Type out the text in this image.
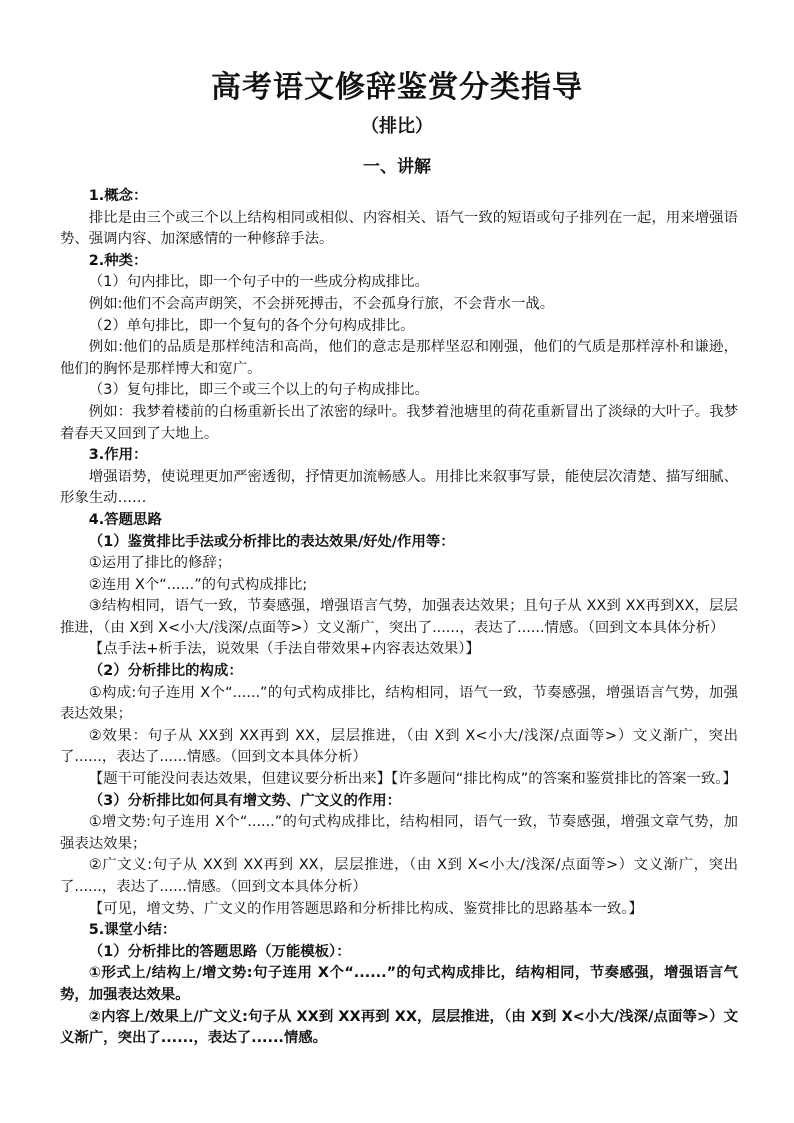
高考语文修辞鉴赏分类指导
（排比）
一、讲解

1.概念：

排比是由三个或三个以上结构相同或相似、内容相关、语气一致的短语或句子排列在一起，用来增强语势、强调内容、加深感情的一种修辞手法。

2.种类：

（1）句内排比，即一个句子中的一些成分构成排比。

例如:他们不会高声朗笑，不会拼死搏击，不会孤身行旅，不会背水一战。

（2）单句排比，即一个复句的各个分句构成排比。

例如:他们的品质是那样纯洁和高尚，他们的意志是那样坚忍和刚强，他们的气质是那样淳朴和谦逊，他们的胸怀是那样博大和宽广。

（3）复句排比，即三个或三个以上的句子构成排比。

例如：我梦着楼前的白杨重新长出了浓密的绿叶。我梦着池塘里的荷花重新冒出了淡绿的大叶子。我梦着春天又回到了大地上。

3.作用：

增强语势，使说理更加严密透彻，抒情更加流畅感人。用排比来叙事写景，能使层次清楚、描写细腻、形象生动……

4.答题思路

（1）鉴赏排比手法或分析排比的表达效果/好处/作用等：

①运用了排比的修辞；

②连用 X个“......”的句式构成排比;

③结构相同，语气一致，节奏感强，增强语言气势，加强表达效果；且句子从 XX到 XX再到XX，层层推进，（由 X到 X<小大/浅深/点面等>）文义渐广，突出了......，表达了......情感。（回到文本具体分析）

【点手法+析手法，说效果（手法自带效果+内容表达效果）】

（2）分析排比的构成：

①构成:句子连用 X个“......”的句式构成排比，结构相同，语气一致，节奏感强，增强语言气势，加强表达效果；

②效果：句子从 XX到 XX再到 XX，层层推进，（由 X到 X<小大/浅深/点面等>）文义渐广，突出了......，表达了......情感。（回到文本具体分析）

【题干可能没问表达效果，但建议要分析出来】【许多题问“排比构成”的答案和鉴赏排比的答案一致。】

（3）分析排比如何具有增文势、广文义的作用：

①增文势:句子连用 X个“......”的句式构成排比，结构相同，语气一致，节奏感强，增强文章气势，加强表达效果；

②广文义:句子从 XX到 XX再到 XX，层层推进，（由 X到 X<小大/浅深/点面等>）文义渐广，突出了......，表达了......情感。（回到文本具体分析）

【可见，增文势、广文义的作用答题思路和分析排比构成、鉴赏排比的思路基本一致。】

5.课堂小结：

（1）分析排比的答题思路（万能模板）：

①形式上/结构上/增文势:句子连用 X个“......”的句式构成排比，结构相同，节奏感强，增强语言气势，加强表达效果。

②内容上/效果上/广文义:句子从 XX到 XX再到 XX，层层推进，（由 X到 X<小大/浅深/点面等>）文义渐广，突出了......，表达了......情感。
